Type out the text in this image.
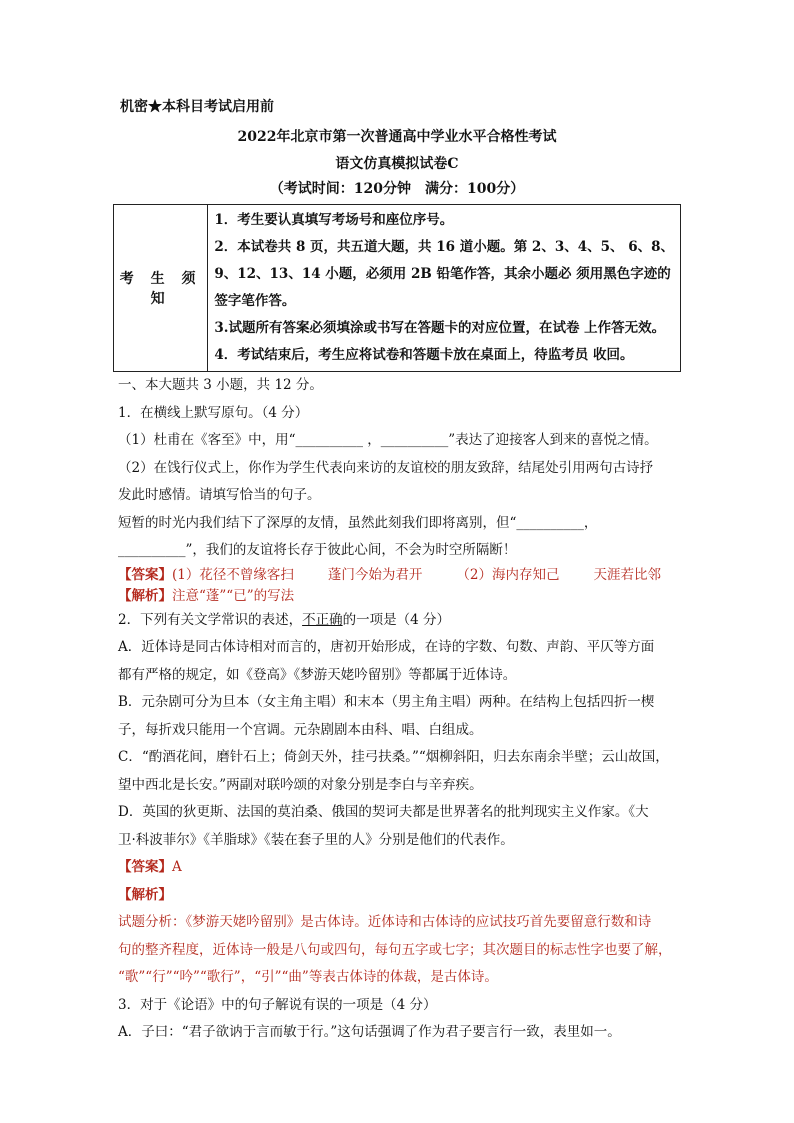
机密★本科目考试启用前
2022年北京市第一次普通高中学业水平合格性考试
语文仿真模拟试卷C
（考试时间：120分钟　满分：100分）
考 生 须 知	
1．考生要认真填写考场号和座位序号。
2．本试卷共 8 页，共五道大题，共 16 道小题。第 2、3、4、5、 6、8、
9、12、13、14 小题，必须用 2B 铅笔作答，其余小题必 须用黑色字迹的
签字笔作答。
3.试题所有答案必须填涂或书写在答题卡的对应位置，在试卷 上作答无效。
4．考试结束后，考生应将试卷和答题卡放在桌面上，待监考员 收回。

一、本大题共 3 小题，共 12 分。

1．在横线上默写原句。（4 分）

（1）杜甫在《客至》中，用“__________ ，__________”表达了迎接客人到来的喜悦之情。

（2）在饯行仪式上，你作为学生代表向来访的友谊校的朋友致辞，结尾处引用两句古诗抒

发此时感情。请填写恰当的句子。

短暂的时光内我们结下了深厚的友情，虽然此刻我们即将离别，但“__________，

__________”，我们的友谊将长存于彼此心间，不会为时空所隔断！

【答案】(1）花径不曾缘客扫	蓬门今始为君开	（2）海内存知己	天涯若比邻

【解析】注意“蓬”“已”的写法

2．下列有关文学常识的表述，不正确的一项是（4 分）

A．近体诗是同古体诗相对而言的，唐初开始形成，在诗的字数、句数、声韵、平仄等方面

都有严格的规定，如《登高》《梦游天姥吟留别》等都属于近体诗。

B．元杂剧可分为旦本（女主角主唱）和末本（男主角主唱）两种。在结构上包括四折一楔

子，每折戏只能用一个宫调。元杂剧剧本由科、唱、白组成。

C．“酌酒花间，磨针石上；倚剑天外，挂弓扶桑。”“烟柳斜阳，归去东南余半壁；云山故国，

望中西北是长安。”两副对联吟颂的对象分别是李白与辛弃疾。

D．英国的狄更斯、法国的莫泊桑、俄国的契诃夫都是世界著名的批判现实主义作家。《大

卫·科波菲尔》《羊脂球》《装在套子里的人》分别是他们的代表作。

【答案】A

【解析】

试题分析：《梦游天姥吟留别》是古体诗。近体诗和古体诗的应试技巧首先要留意行数和诗

句的整齐程度，近体诗一般是八句或四句，每句五字或七字；其次题目的标志性字也要了解，

“歌”“行”“吟”“歌行”，“引”“曲”等表古体诗的体裁，是古体诗。

3．对于《论语》中的句子解说有误的一项是（4 分）

A．子曰：“君子欲讷于言而敏于行。”这句话强调了作为君子要言行一致，表里如一。
